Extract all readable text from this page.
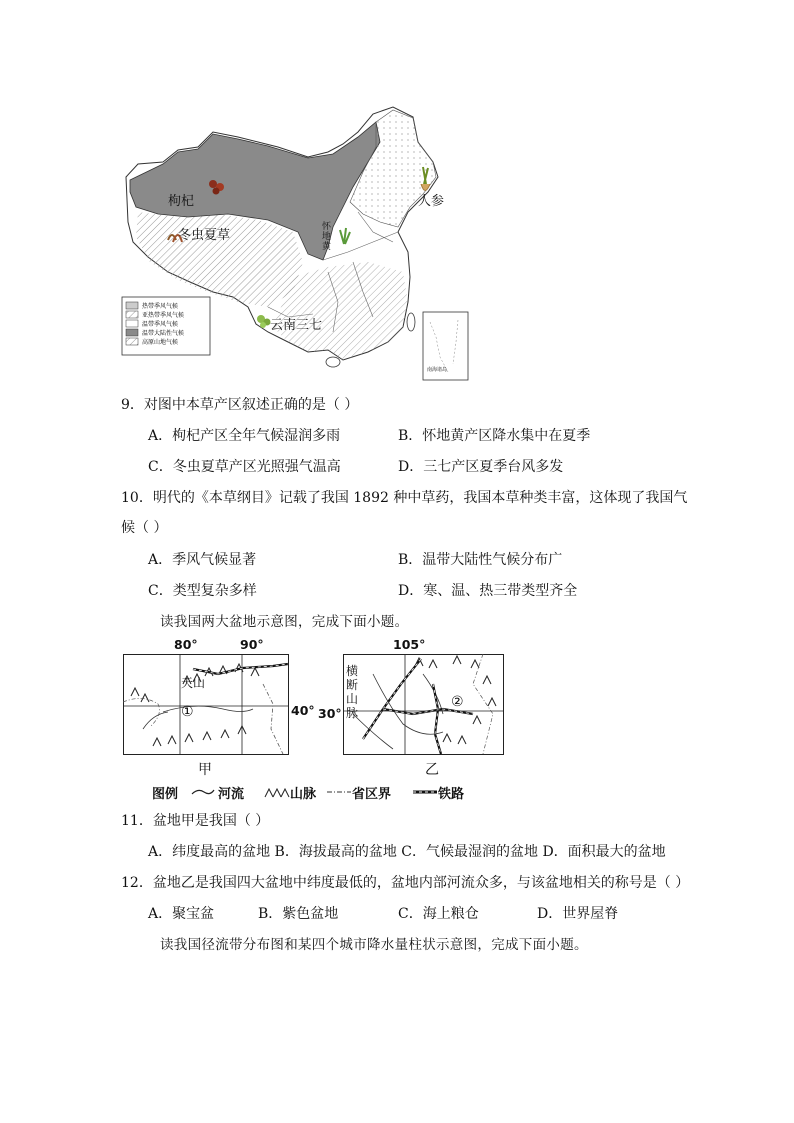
热带季风气候
亚热带季风气候
温带季风气候
温带大陆性气候
高原山地气候
枸杞
冬虫夏草
人参
怀地黄
云南三七
南海诸岛
9．对图中本草产区叙述正确的是（ ）
A．枸杞产区全年气候湿润多雨	B．怀地黄产区降水集中在夏季
C．冬虫夏草产区光照强气温高	D．三七产区夏季台风多发
10．明代的《本草纲目》记载了我国 1892 种中草药，我国本草种类丰富，这体现了我国气
候（ ）
A．季风气候显著	B．温带大陆性气候分布广
C．类型复杂多样	D．寒、温、热三带类型齐全
读我国两大盆地示意图，完成下面小题。
80°	90°
天山
①	40°
甲
105°
30°
横
断
山
脉
②
乙
图例	河流	山脉	省区界	铁路
11．盆地甲是我国（ ）
A．纬度最高的盆地 B．海拔最高的盆地 C．气候最湿润的盆地 D．面积最大的盆地
12．盆地乙是我国四大盆地中纬度最低的，盆地内部河流众多，与该盆地相关的称号是（ ）
A．聚宝盆	B．紫色盆地	C．海上粮仓	D．世界屋脊
读我国径流带分布图和某四个城市降水量柱状示意图，完成下面小题。
